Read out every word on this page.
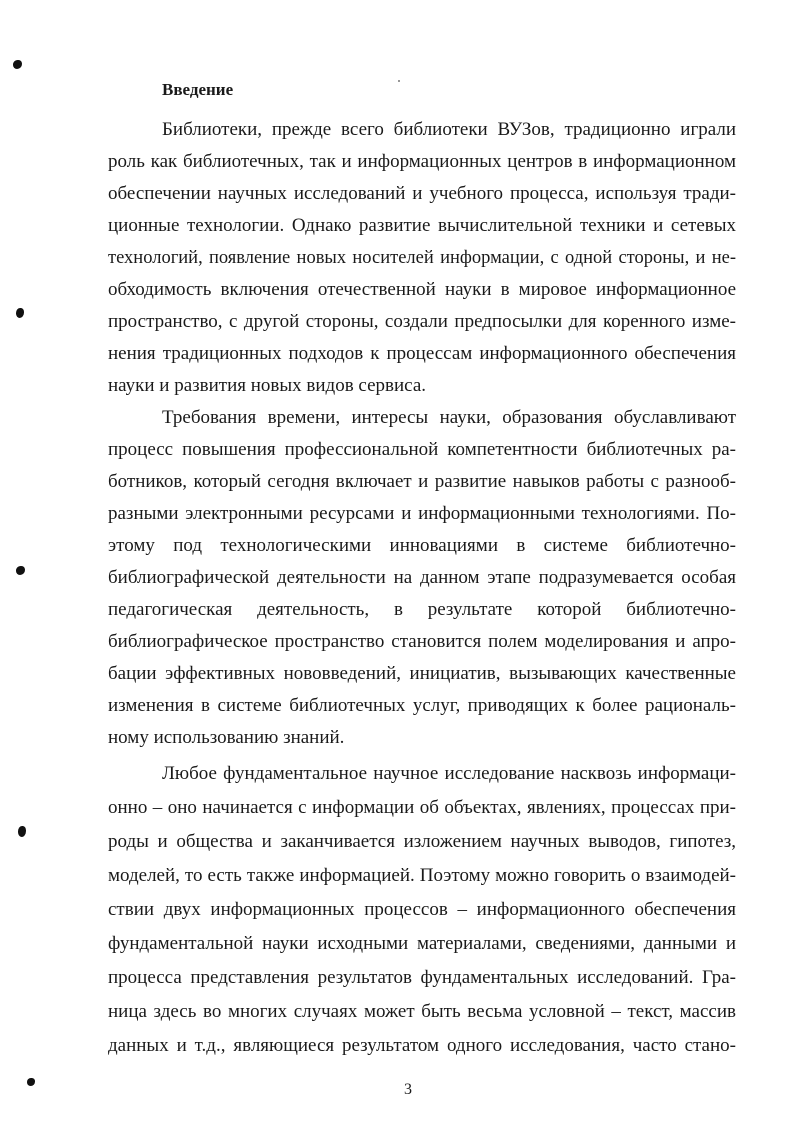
Введение
Библиотеки, прежде всего библиотеки ВУЗов, традиционно играли
роль как библиотечных, так и информационных центров в информационном
обеспечении научных исследований и учебного процесса, используя тради-
ционные технологии. Однако развитие вычислительной техники и сетевых
технологий, появление новых носителей информации, с одной стороны, и не-
обходимость включения отечественной науки в мировое информационное
пространство, с другой стороны, создали предпосылки для коренного изме-
нения традиционных подходов к процессам информационного обеспечения
науки и развития новых видов сервиса.
Требования времени, интересы науки, образования обуславливают
процесс повышения профессиональной компетентности библиотечных ра-
ботников, который сегодня включает и развитие навыков работы с разнооб-
разными электронными ресурсами и информационными технологиями. По-
этому под технологическими инновациями в системе библиотечно-
библиографической деятельности на данном этапе подразумевается особая
педагогическая деятельность, в результате которой библиотечно-
библиографическое пространство становится полем моделирования и апро-
бации эффективных нововведений, инициатив, вызывающих качественные
изменения в системе библиотечных услуг, приводящих к более рациональ-
ному использованию знаний.
Любое фундаментальное научное исследование насквозь информаци-
онно – оно начинается с информации об объектах, явлениях, процессах при-
роды и общества и заканчивается изложением научных выводов, гипотез,
моделей, то есть также информацией. Поэтому можно говорить о взаимодей-
ствии двух информационных процессов – информационного обеспечения
фундаментальной науки исходными материалами, сведениями, данными и
процесса представления результатов фундаментальных исследований. Гра-
ница здесь во многих случаях может быть весьма условной – текст, массив
данных и т.д., являющиеся результатом одного исследования, часто стано-
3
